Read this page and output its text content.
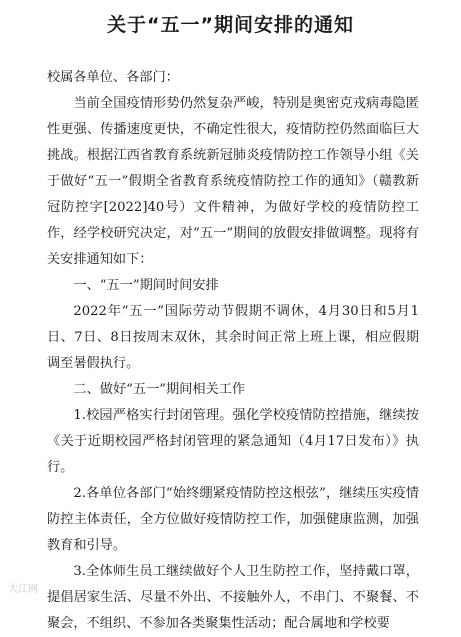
关于“五一”期间安排的通知

校属各单位、各部门：

当前全国疫情形势仍然复杂严峻，特别是奥密克戎病毒隐匿性更强、传播速度更快，不确定性很大，疫情防控仍然面临巨大挑战。根据江西省教育系统新冠肺炎疫情防控工作领导小组《关于做好“五一”假期全省教育系统疫情防控工作的通知》（赣教新冠防控字[2022]40号）文件精神，为做好学校的疫情防控工作，经学校研究决定，对“五一”期间的放假安排做调整。现将有关安排通知如下：

一、“五一”期间时间安排

2022年“五一”国际劳动节假期不调休，4月30日和5月1日、7日、8日按周末双休，其余时间正常上班上课，相应假期调至暑假执行。

二、做好“五一”期间相关工作

1.校园严格实行封闭管理。强化学校疫情防控措施，继续按《关于近期校园严格封闭管理的紧急通知（4月17日发布）》执行。

2.各单位各部门“始终绷紧疫情防控这根弦”，继续压实疫情防控主体责任，全方位做好疫情防控工作，加强健康监测，加强教育和引导。

3.全体师生员工继续做好个人卫生防控工作，坚持戴口罩，提倡居家生活、尽量不外出、不接触外人，不串门、不聚餐、不聚会，不组织、不参加各类聚集性活动；配合属地和学校要

大江网
